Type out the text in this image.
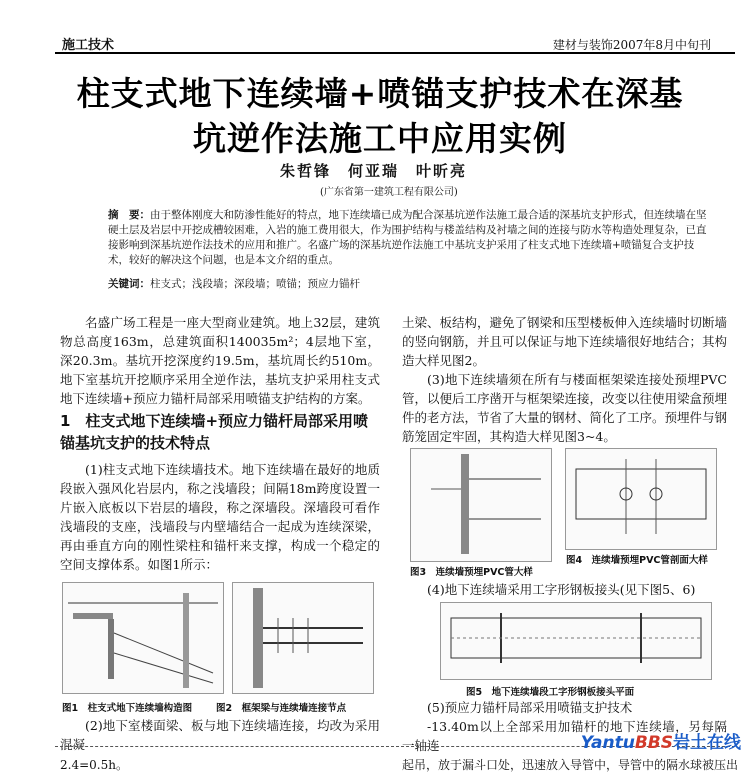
施工技术	建材与装饰2007年8月中旬刊
柱支式地下连续墙+喷锚支护技术在深基
坑逆作法施工中应用实例
朱哲锋　何亚瑞　叶昕亮
(广东省第一建筑工程有限公司)
摘　要：由于整体刚度大和防渗性能好的特点，地下连续墙已成为配合深基坑逆作法施工最合适的深基坑支护形式，但连续墙在坚硬土层及岩层中开挖成槽较困难，入岩的施工费用很大，作为围护结构与楼盖结构及衬墙之间的连接与防水等构造处理复杂，已直接影响到深基坑逆作法技术的应用和推广。名盛广场的深基坑逆作法施工中基坑支护采用了柱支式地下连续墙+喷锚复合支护技术，较好的解决这个问题，也是本文介绍的重点。
关键词：柱支式；浅段墙；深段墙；喷锚；预应力锚杆
名盛广场工程是一座大型商业建筑。地上32层，建筑物总高度163m，总建筑面积140035m²；4层地下室，深20.3m。基坑开挖深度约19.5m，基坑周长约510m。地下室基坑开挖顺序采用全逆作法，基坑支护采用柱支式地下连续墙+预应力锚杆局部采用喷锚支护结构的方案。
1　柱支式地下连续墙+预应力锚杆局部采用喷锚基坑支护的技术特点
(1)柱支式地下连续墙技术。地下连续墙在最好的地质段嵌入强风化岩层内，称之浅墙段；间隔18m跨度设置一片嵌入底板以下岩层的墙段，称之深墙段。深墙段可看作浅墙段的支座，浅墙段与内壁墙结合一起成为连续深梁，再由垂直方向的刚性梁柱和锚杆来支撑，构成一个稳定的空间支撑体系。如图1所示：
图1　柱支式地下连续墙构造图	图2　框架梁与连续墙连接节点
(2)地下室楼面梁、板与地下连续墙连接，均改为采用混凝
土梁、板结构，避免了钢梁和压型楼板伸入连续墙时切断墙的竖向钢筋，并且可以保证与地下连续墙很好地结合；其构造大样见图2。
(3)地下连续墙须在所有与楼面框架梁连接处预埋PVC管，以便后工序凿开与框架梁连接，改变以往使用梁盒预埋件的老方法，节省了大量的钢材、简化了工序。预埋件与钢筋笼固定牢固，其构造大样见图3~4。
图3　连续墙预埋PVC管大样
图4　连续墙预埋PVC管剖面大样
(4)地下连续墙采用工字形钢板接头(见下图5、6)
图5　地下连续墙段工字形钢板接头平面
(5)预应力锚杆局部采用喷锚支护技术
-13.40m以上全部采用加锚杆的地下连续墙，另每隔一轴连
2.4=0.5h。	起吊，放于漏斗口处，迅速放入导管中，导管中的隔水球被压出
YantuBBS岩土在线
